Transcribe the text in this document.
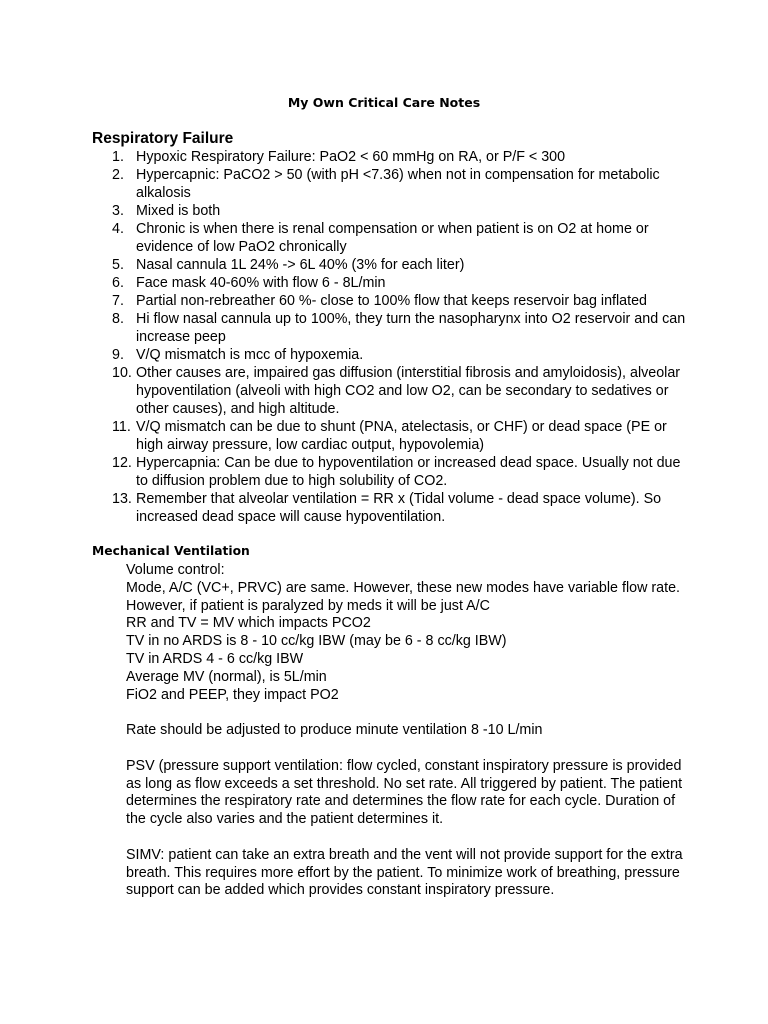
My Own Critical Care Notes
Respiratory Failure
1. Hypoxic Respiratory Failure: PaO2 < 60 mmHg on RA, or P/F < 300
2. Hypercapnic: PaCO2 > 50 (with pH <7.36) when not in compensation for metabolic alkalosis
3. Mixed is both
4. Chronic is when there is renal compensation or when patient is on O2 at home or evidence of low PaO2 chronically
5. Nasal cannula 1L 24% -> 6L 40% (3% for each liter)
6. Face mask 40-60% with flow 6 - 8L/min
7. Partial non-rebreather 60 %- close to 100% flow that keeps reservoir bag inflated
8. Hi flow nasal cannula up to 100%, they turn the nasopharynx into O2 reservoir and can increase peep
9. V/Q mismatch is mcc of hypoxemia.
10. Other causes are, impaired gas diffusion (interstitial fibrosis and amyloidosis), alveolar hypoventilation (alveoli with high CO2 and low O2, can be secondary to sedatives or other causes), and high altitude.
11. V/Q mismatch can be due to shunt (PNA, atelectasis, or CHF) or dead space (PE or high airway pressure, low cardiac output, hypovolemia)
12. Hypercapnia: Can be due to hypoventilation or increased dead space. Usually not due to diffusion problem due to high solubility of CO2.
13. Remember that alveolar ventilation = RR x (Tidal volume - dead space volume). So increased dead space will cause hypoventilation.
Mechanical Ventilation

Volume control:

Mode, A/C (VC+, PRVC) are same. However, these new modes have variable flow rate. However, if patient is paralyzed by meds it will be just A/C

RR and TV = MV which impacts PCO2

TV in no ARDS is 8 - 10 cc/kg IBW (may be 6 - 8 cc/kg IBW)

TV in ARDS 4 - 6 cc/kg IBW

Average MV (normal), is 5L/min

FiO2 and PEEP, they impact PO2

Rate should be adjusted to produce minute ventilation 8 -10 L/min

PSV (pressure support ventilation: flow cycled, constant inspiratory pressure is provided as long as flow exceeds a set threshold. No set rate. All triggered by patient. The patient determines the respiratory rate and determines the flow rate for each cycle. Duration of the cycle also varies and the patient determines it.

SIMV: patient can take an extra breath and the vent will not provide support for the extra breath. This requires more effort by the patient. To minimize work of breathing, pressure support can be added which provides constant inspiratory pressure.
